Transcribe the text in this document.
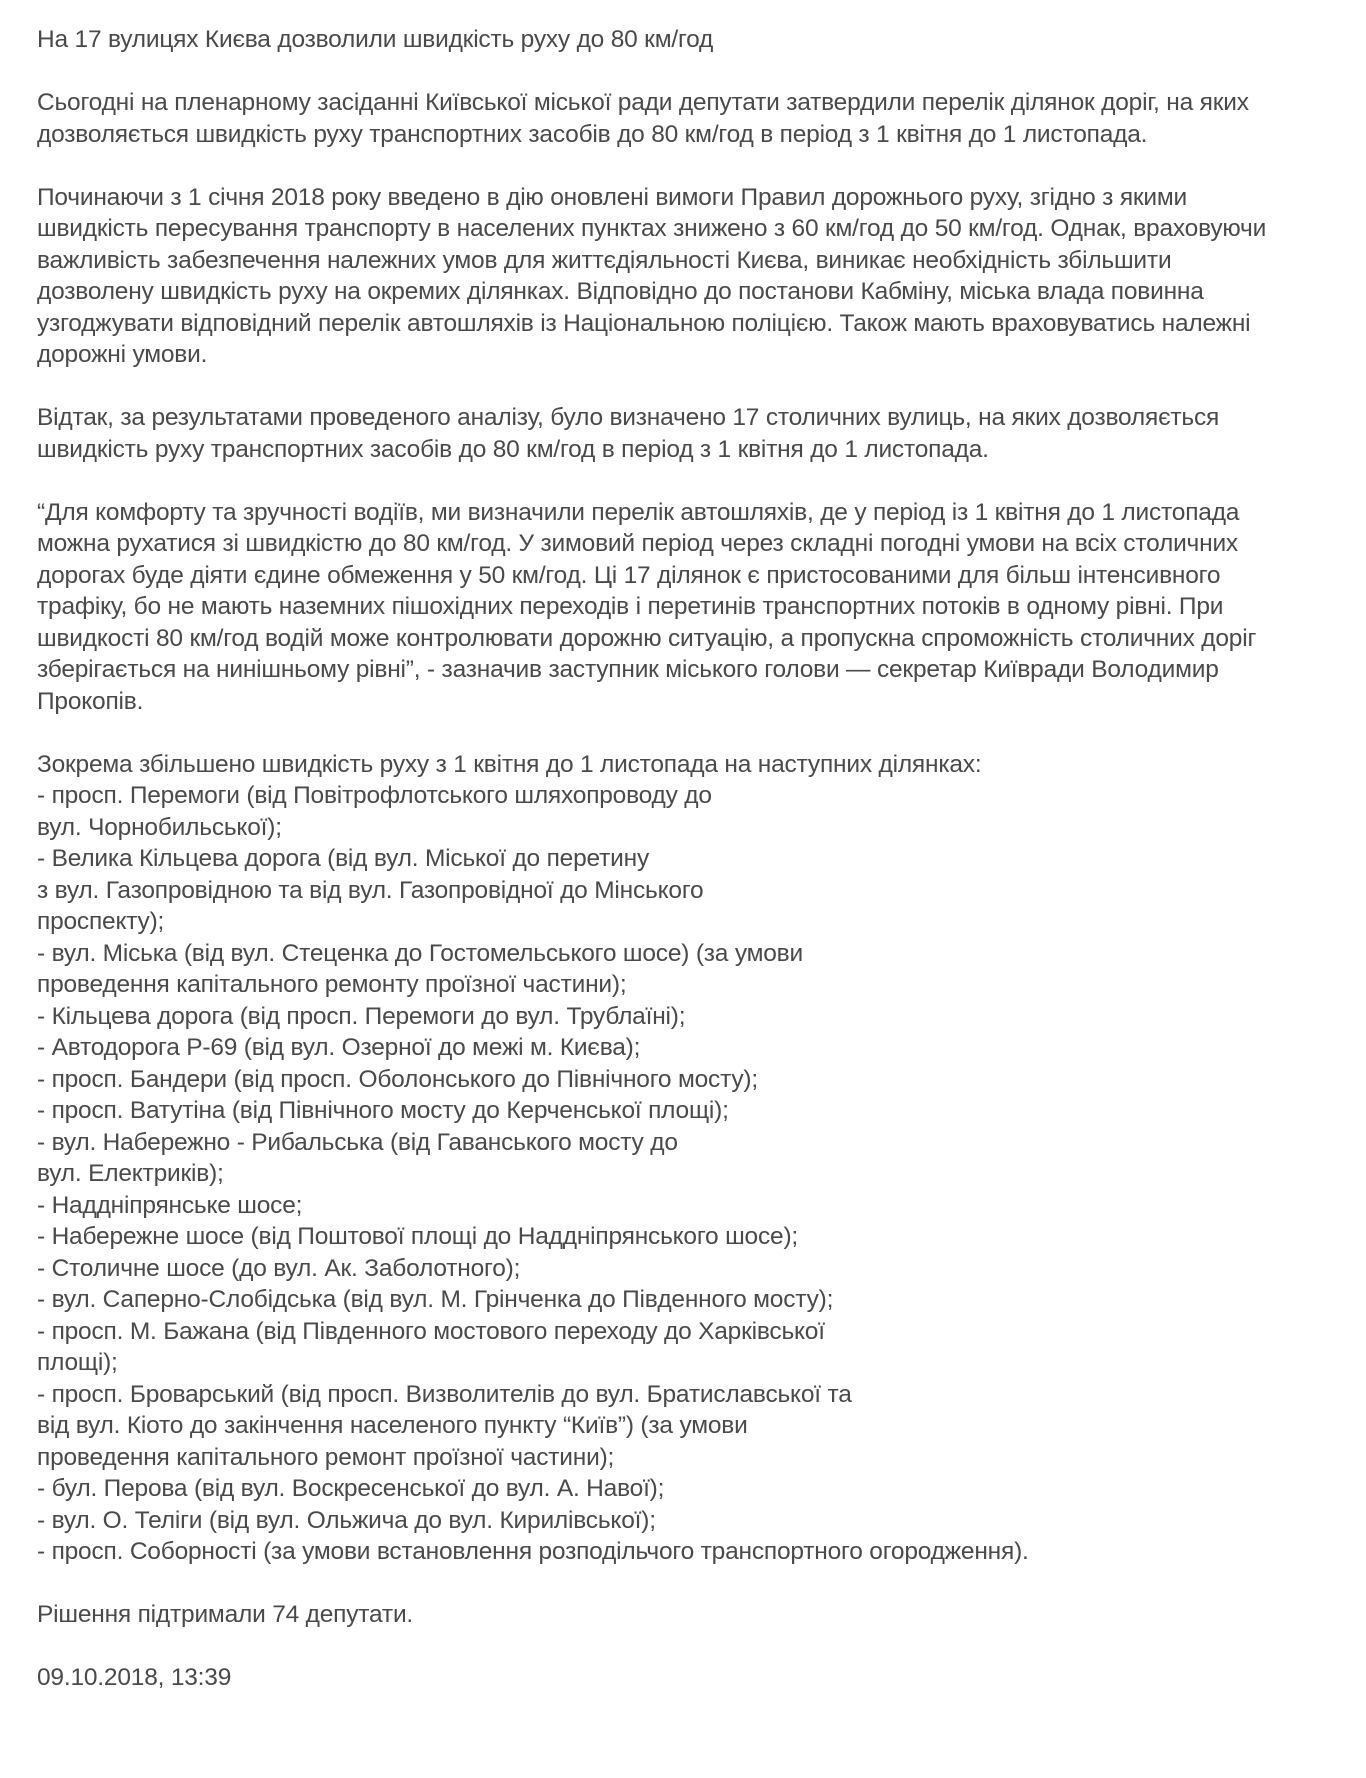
На 17 вулицях Києва дозволили швидкість руху до 80 км/год

Сьогодні на пленарному засіданні Київської міської ради депутати затвердили перелік ділянок доріг, на яких
дозволяється швидкість руху транспортних засобів до 80 км/год в період з 1 квітня до 1 листопада.

Починаючи з 1 січня 2018 року введено в дію оновлені вимоги Правил дорожнього руху, згідно з якими
швидкість пересування транспорту в населених пунктах знижено з 60 км/год до 50 км/год. Однак, враховуючи
важливість забезпечення належних умов для життєдіяльності Києва, виникає необхідність збільшити
дозволену швидкість руху на окремих ділянках. Відповідно до постанови Кабміну, міська влада повинна
узгоджувати відповідний перелік автошляхів із Національною поліцією. Також мають враховуватись належні
дорожні умови.

Відтак, за результатами проведеного аналізу, було визначено 17 столичних вулиць, на яких дозволяється
швидкість руху транспортних засобів до 80 км/год в період з 1 квітня до 1 листопада.

“Для комфорту та зручності водіїв, ми визначили перелік автошляхів, де у період із 1 квітня до 1 листопада
можна рухатися зі швидкістю до 80 км/год. У зимовий період через складні погодні умови на всіх столичних
дорогах буде діяти єдине обмеження у 50 км/год. Ці 17 ділянок є пристосованими для більш інтенсивного
трафіку, бо не мають наземних пішохідних переходів і перетинів транспортних потоків в одному рівні. При
швидкості 80 км/год водій може контролювати дорожню ситуацію, а пропускна спроможність столичних доріг
зберігається на нинішньому рівні”, - зазначив заступник міського голови — секретар Київради Володимир
Прокопів.

Зокрема збільшено швидкість руху з 1 квітня до 1 листопада на наступних ділянках:

- просп. Перемоги (від Повітрофлотського шляхопроводу до
вул. Чорнобильської);
- Велика Кільцева дорога (від вул. Міської до перетину
з вул. Газопровідною та від вул. Газопровідної до Мінського
проспекту);
- вул. Міська (від вул. Стеценка до Гостомельського шосе) (за умови
проведення капітального ремонту проїзної частини);
- Кільцева дорога (від просп. Перемоги до вул. Трублаїні);
- Автодорога Р-69 (від вул. Озерної до межі м. Києва);
- просп. Бандери (від просп. Оболонського до Північного мосту);
- просп. Ватутіна (від Північного мосту до Керченської площі);
- вул. Набережно - Рибальська (від Гаванського мосту до
вул. Електриків);
- Наддніпрянське шосе;
- Набережне шосе (від Поштової площі до Наддніпрянського шосе);
- Столичне шосе (до вул. Ак. Заболотного);
- вул. Саперно-Слобідська (від вул. М. Грінченка до Південного мосту);
- просп. М. Бажана (від Південного мостового переходу до Харківської
площі);
- просп. Броварський (від просп. Визволителів до вул. Братиславської та
від вул. Кіото до закінчення населеного пункту “Київ”) (за умови
проведення капітального ремонт проїзної частини);
- бул. Перова (від вул. Воскресенської до вул. А. Навої);
- вул. О. Теліги (від вул. Ольжича до вул. Кирилівської);
- просп. Соборності (за умови встановлення розподільчого транспортного огородження).

Рішення підтримали 74 депутати.

09.10.2018, 13:39
